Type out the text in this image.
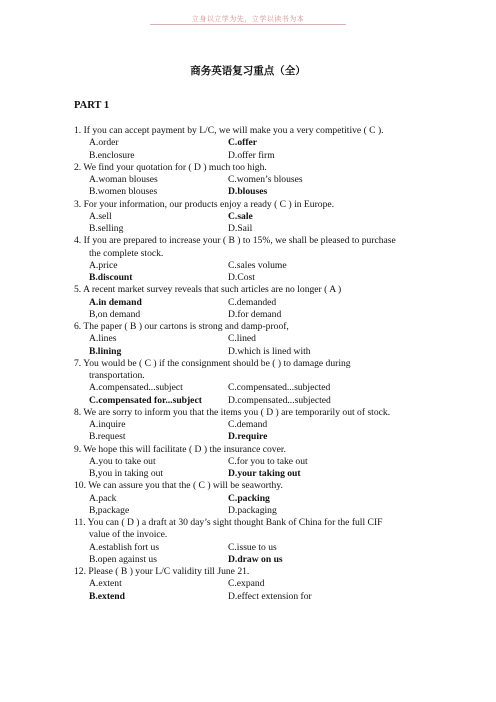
立身以立学为先，立学以读书为本
商务英语复习重点（全）
PART 1
1. If you can accept payment by L/C, we will make you a very competitive ( C ).
A.order	C.offer
B.enclosure	D.offer firm
2. We find your quotation for ( D ) much too high.
A.woman blouses	C.women’s blouses
B.women blouses	D.blouses
3. For your information, our products enjoy a ready ( C ) in Europe.
A.sell	C.sale
B.selling	D.Sail
4. If you are prepared to increase your ( B ) to 15%, we shall be pleased to purchase
the complete stock.
A.price	C.sales volume
B.discount	D.Cost
5. A recent market survey reveals that such articles are no longer ( A )
A.in demand	C.demanded
B,on demand	D.for demand
6. The paper ( B ) our cartons is strong and damp-proof,
A.lines	C.lined
B.lining	D.which is lined with
7. You would be ( C ) if the consignment should be ( ) to damage during
transportation.
A.compensated...subject	C.compensated...subjected
C.compensated for...subject	D.compensated...subjected
8. We are sorry to inform you that the items you ( D ) are temporarily out of stock.
A.inquire	C.demand
B.request	D.require
9. We hope this will facilitate ( D ) the insurance cover.
A.you to take out	C.for you to take out
B,you in taking out	D.your taking out
10. We can assure you that the ( C ) will be seaworthy.
A.pack	C.packing
B,package	D.packaging
11. You can ( D ) a draft at 30 day’s sight thought Bank of China for the full CIF
value of the invoice.
A.establish fort us	C.issue to us
B.open against us	D.draw on us
12. Please ( B ) your L/C validity till June 21.
A.extent	C.expand
B.extend	D.effect extension for
